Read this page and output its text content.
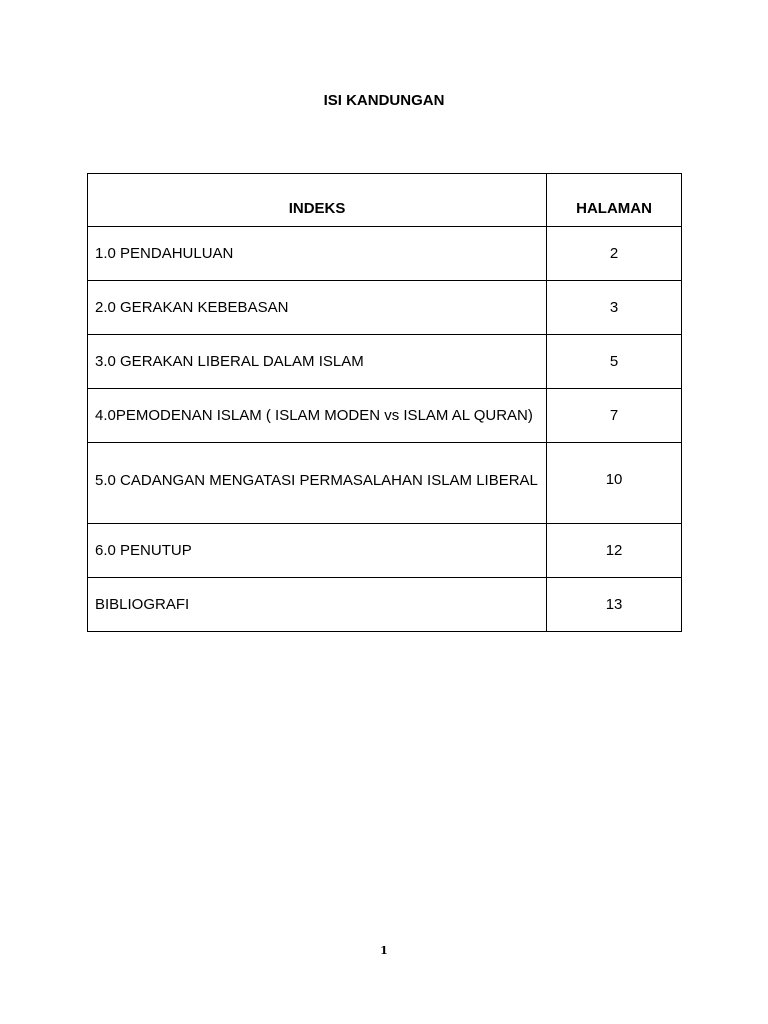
ISI KANDUNGAN
INDEKS	HALAMAN
1.0 PENDAHULUAN	2
2.0 GERAKAN KEBEBASAN	3
3.0 GERAKAN LIBERAL DALAM ISLAM	5
4.0PEMODENAN ISLAM ( ISLAM MODEN vs ISLAM AL QURAN)	7
5.0 CADANGAN MENGATASI PERMASALAHAN ISLAM LIBERAL	10
6.0 PENUTUP	12
BIBLIOGRAFI	13
1
